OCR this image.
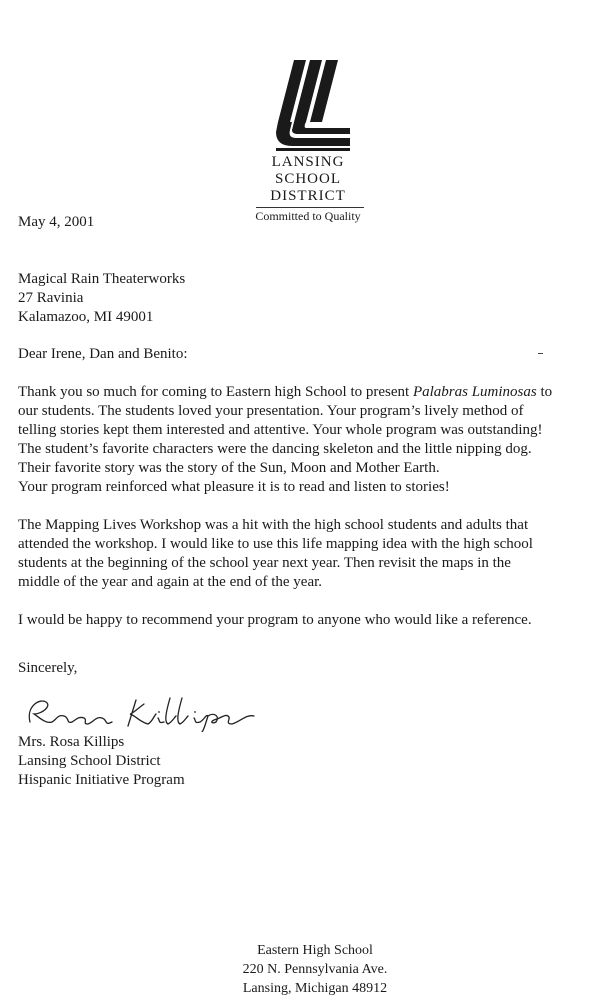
LANSING
SCHOOL
DISTRICT
Committed to Quality
May 4, 2001
Magical Rain Theaterworks
27 Ravinia
Kalamazoo, MI 49001
Dear Irene, Dan and Benito:
Thank you so much for coming to Eastern high School to present Palabras Luminosas to
our students. The students loved your presentation. Your program’s lively method of
telling stories kept them interested and attentive. Your whole program was outstanding!
The student’s favorite characters were the dancing skeleton and the little nipping dog.
Their favorite story was the story of the Sun, Moon and Mother Earth.
Your program reinforced what pleasure it is to read and listen to stories!
The Mapping Lives Workshop was a hit with the high school students and adults that
attended the workshop. I would like to use this life mapping idea with the high school
students at the beginning of the school year next year. Then revisit the maps in the
middle of the year and again at the end of the year.
I would be happy to recommend your program to anyone who would like a reference.
Sincerely,
Mrs. Rosa Killips
Lansing School District
Hispanic Initiative Program
Eastern High School
220 N. Pennsylvania Ave.
Lansing, Michigan 48912
